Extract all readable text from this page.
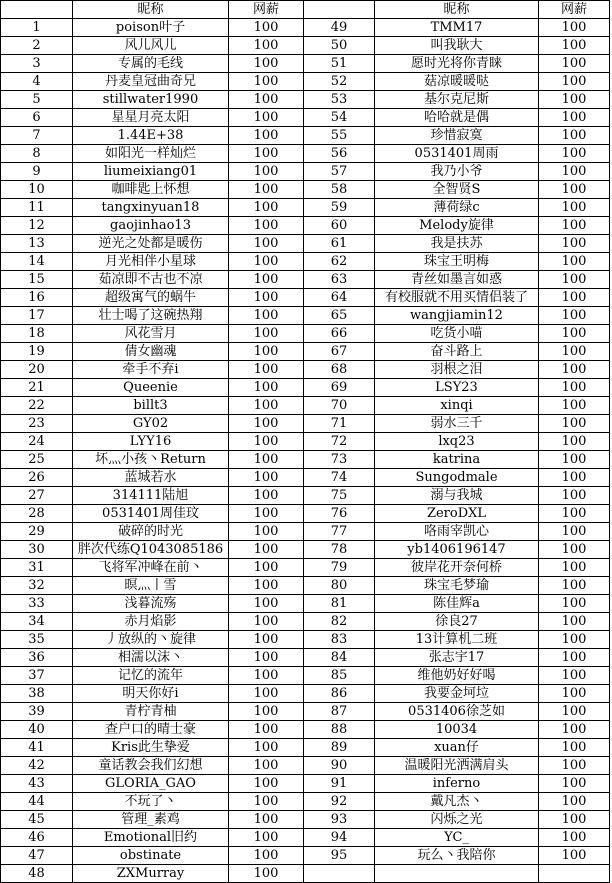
	昵称	网薪		昵称	网薪
1	poison叶子	100	49	TMM17	100
2	风儿风儿	100	50	叫我耿大	100
3	专属的毛线	100	51	愿时光将你青睐	100
4	丹麦皇冠曲奇兄	100	52	菇凉暖暖哒	100
5	stillwater1990	100	53	基尔克尼斯	100
6	星星月亮太阳	100	54	哈哈就是偶	100
7	1.44E+38	100	55	珍惜寂寞	100
8	如阳光一样灿烂	100	56	0531401周雨	100
9	liumeixiang01	100	57	我乃小爷	100
10	咖啡匙上怀想	100	58	全智贤S	100
11	tangxinyuan18	100	59	薄荷绿c	100
12	gaojinhao13	100	60	Melody旋律	100
13	逆光之处都是暖伤	100	61	我是扶苏	100
14	月光相伴小星球	100	62	珠宝王明梅	100
15	茹凉即不古也不凉	100	63	青丝如墨言如惑	100
16	超级寓气的蜗牛	100	64	有校服就不用买情侣装了	100
17	壮士喝了这碗热翔	100	65	wangjiamin12	100
18	风花雪月	100	66	吃货小喵	100
19	倩女幽魂	100	67	奋斗路上	100
20	牵手不弃i	100	68	羽根之泪	100
21	Queenie	100	69	LSY23	100
22	billt3	100	70	xinqi	100
23	GY02	100	71	弱水三千	100
24	LYY16	100	72	lxq23	100
25	坏灬小孩丶Return	100	73	katrina	100
26	蓝城若水	100	74	Sungodmale	100
27	314111陆旭	100	75	溺与我城	100
28	0531401周佳玟	100	76	ZeroDXL	100
29	破碎的时光	100	77	咯雨宰凯心	100
30	胖次代练Q1043085186	100	78	yb1406196147	100
31	飞将军冲峰在前丶	100	79	彼岸花开奈何桥	100
32	暝灬丨雪	100	80	珠宝毛梦瑜	100
33	浅暮流殇	100	81	陈佳辉a	100
34	赤月焰影	100	82	徐良27	100
35	丿放纵的丶旋律	100	83	13计算机二班	100
36	相濡以沫丶	100	84	张志宇17	100
37	记忆的流年	100	85	维他奶好好喝	100
38	明天你好i	100	86	我要金坷垃	100
39	青柠青柚	100	87	0531406徐芝如	100
40	查户口的晴士豪	100	88	10034	100
41	Kris此生挚爱	100	89	xuan仔	100
42	童话教会我们幻想	100	90	温暖阳光洒满肩头	100
43	GLORIA_GAO	100	91	inferno	100
44	不玩了丶	100	92	戴凡杰丶	100
45	管理_素鸡	100	93	闪烁之光	100
46	Emotional旧约	100	94	YC_	100
47	obstinate	100	95	玩么丶我陪你	100
48	ZXMurray	100			
